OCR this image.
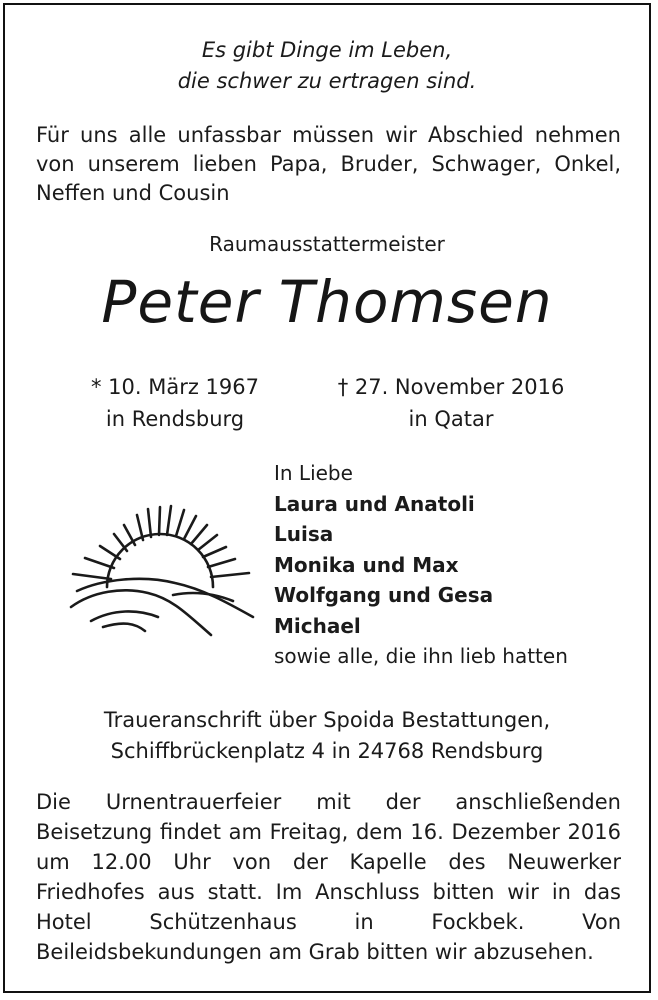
Es gibt Dinge im Leben,
die schwer zu ertragen sind.
Für uns alle unfassbar müssen wir Abschied nehmen von unserem lieben Papa, Bruder, Schwager, Onkel, Neffen und Cousin
Raumausstattermeister
Peter Thomsen
* 10. März 1967
in Rendsburg
† 27. November 2016
in Qatar
In Liebe
Laura und Anatoli
Luisa
Monika und Max
Wolfgang und Gesa
Michael
sowie alle, die ihn lieb hatten
Traueranschrift über Spoida Bestattungen,
Schiffbrückenplatz 4 in 24768 Rendsburg
Die Urnentrauerfeier mit der anschließenden Beisetzung findet am Freitag, dem 16. Dezember 2016 um 12.00 Uhr von der Kapelle des Neuwerker Friedhofes aus statt. Im Anschluss bitten wir in das Hotel Schützenhaus in Fockbek. Von Beileidsbekundungen am Grab bitten wir abzusehen.
